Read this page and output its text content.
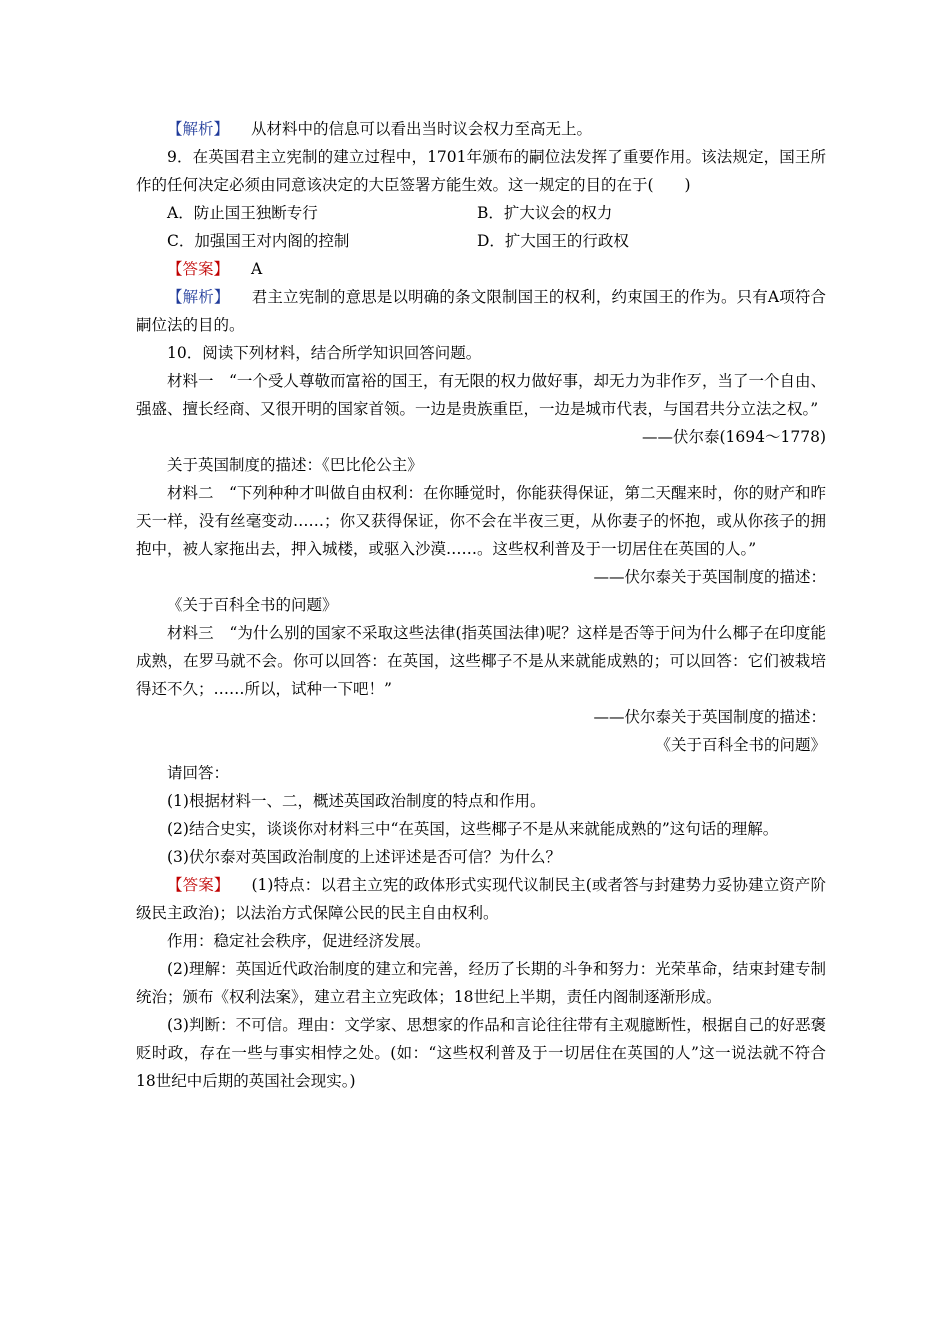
【解析】 从材料中的信息可以看出当时议会权力至高无上。

9．在英国君主立宪制的建立过程中，1701年颁布的嗣位法发挥了重要作用。该法规定，国王所作的任何决定必须由同意该决定的大臣签署方能生效。这一规定的目的在于(　　)

A．防止国王独断专行	B．扩大议会的权力
C．加强国王对内阁的控制	D．扩大国王的行政权

【答案】 A

【解析】 君主立宪制的意思是以明确的条文限制国王的权利，约束国王的作为。只有A项符合嗣位法的目的。

10．阅读下列材料，结合所学知识回答问题。

材料一　“一个受人尊敬而富裕的国王，有无限的权力做好事，却无力为非作歹，当了一个自由、强盛、擅长经商、又很开明的国家首领。一边是贵族重臣，一边是城市代表，与国君共分立法之权。”

——伏尔泰(1694～1778)

关于英国制度的描述：《巴比伦公主》

材料二　“下列种种才叫做自由权利：在你睡觉时，你能获得保证，第二天醒来时，你的财产和昨天一样，没有丝毫变动……；你又获得保证，你不会在半夜三更，从你妻子的怀抱，或从你孩子的拥抱中，被人家拖出去，押入城楼，或驱入沙漠……。这些权利普及于一切居住在英国的人。”

——伏尔泰关于英国制度的描述：

《关于百科全书的问题》

材料三　“为什么别的国家不采取这些法律(指英国法律)呢？这样是否等于问为什么椰子在印度能成熟，在罗马就不会。你可以回答：在英国，这些椰子不是从来就能成熟的；可以回答：它们被栽培得还不久；……所以，试种一下吧！”

——伏尔泰关于英国制度的描述：

《关于百科全书的问题》

请回答：

(1)根据材料一、二，概述英国政治制度的特点和作用。

(2)结合史实，谈谈你对材料三中“在英国，这些椰子不是从来就能成熟的”这句话的理解。

(3)伏尔泰对英国政治制度的上述评述是否可信？为什么？

【答案】 (1)特点：以君主立宪的政体形式实现代议制民主(或者答与封建势力妥协建立资产阶级民主政治)；以法治方式保障公民的民主自由权利。

作用：稳定社会秩序，促进经济发展。

(2)理解：英国近代政治制度的建立和完善，经历了长期的斗争和努力：光荣革命，结束封建专制统治；颁布《权利法案》，建立君主立宪政体；18世纪上半期，责任内阁制逐渐形成。

(3)判断：不可信。理由：文学家、思想家的作品和言论往往带有主观臆断性，根据自己的好恶褒贬时政，存在一些与事实相悖之处。(如：“这些权利普及于一切居住在英国的人”这一说法就不符合18世纪中后期的英国社会现实。)
